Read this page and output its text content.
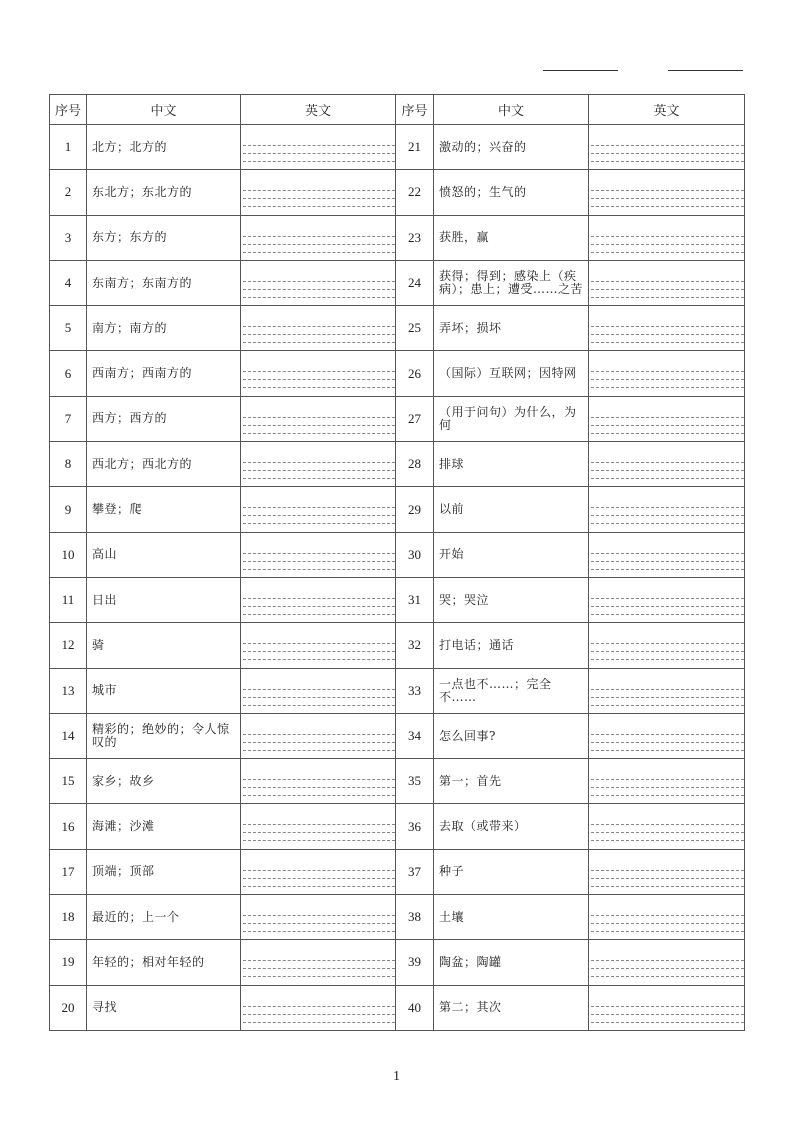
序号	中文	英文	序号	中文	英文
1	北方；北方的		21	激动的；兴奋的	

2	东北方；东北方的		22	愤怒的；生气的	

3	东方；东方的		23	获胜，赢	

4	东南方；东南方的		24	获得；得到；感染上（疾病）；患上；遭受……之苦	

5	南方；南方的		25	弄坏；损坏	

6	西南方；西南方的		26	（国际）互联网；因特网	

7	西方；西方的		27	（用于问句）为什么，为何	

8	西北方；西北方的		28	排球	

9	攀登；爬		29	以前	

10	高山		30	开始	

11	日出		31	哭；哭泣	

12	骑		32	打电话；通话	

13	城市		33	一点也不……；完全不……	

14	精彩的；绝妙的；令人惊叹的		34	怎么回事?	

15	家乡；故乡		35	第一；首先	

16	海滩；沙滩		36	去取（或带来）	

17	顶端；顶部		37	种子	

18	最近的；上一个		38	土壤	

19	年轻的；相对年轻的		39	陶盆；陶罐	

20	寻找		40	第二；其次	
1
